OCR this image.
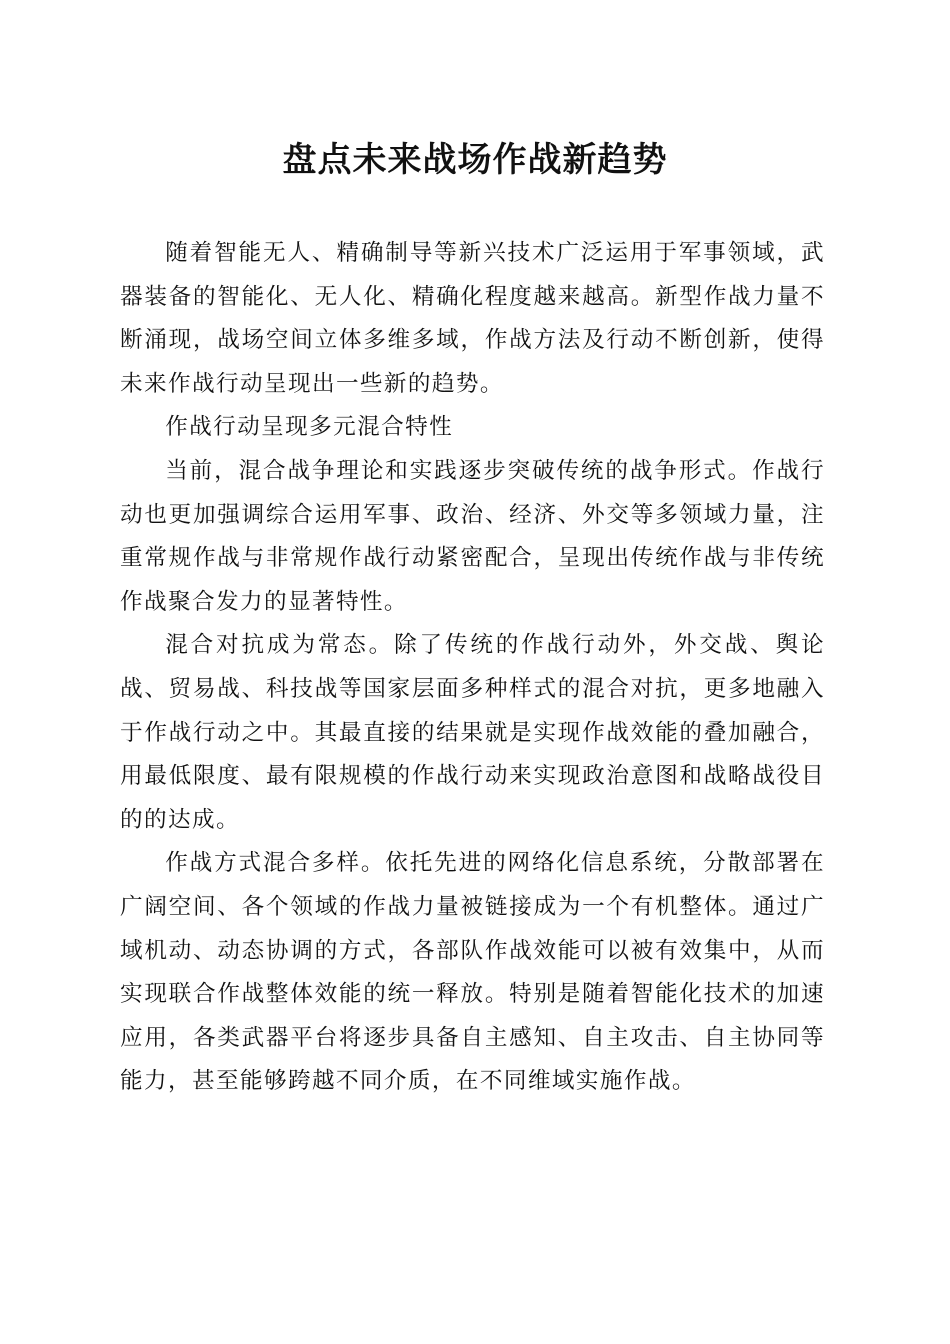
盘点未来战场作战新趋势

随着智能无人、精确制导等新兴技术广泛运用于军事领域，武器装备的智能化、无人化、精确化程度越来越高。新型作战力量不断涌现，战场空间立体多维多域，作战方法及行动不断创新，使得未来作战行动呈现出一些新的趋势。

作战行动呈现多元混合特性

当前，混合战争理论和实践逐步突破传统的战争形式。作战行动也更加强调综合运用军事、政治、经济、外交等多领域力量，注重常规作战与非常规作战行动紧密配合，呈现出传统作战与非传统作战聚合发力的显著特性。

混合对抗成为常态。除了传统的作战行动外，外交战、舆论战、贸易战、科技战等国家层面多种样式的混合对抗，更多地融入于作战行动之中。其最直接的结果就是实现作战效能的叠加融合，用最低限度、最有限规模的作战行动来实现政治意图和战略战役目的的达成。

作战方式混合多样。依托先进的网络化信息系统，分散部署在广阔空间、各个领域的作战力量被链接成为一个有机整体。通过广域机动、动态协调的方式，各部队作战效能可以被有效集中，从而实现联合作战整体效能的统一释放。特别是随着智能化技术的加速应用，各类武器平台将逐步具备自主感知、自主攻击、自主协同等能力，甚至能够跨越不同介质，在不同维域实施作战。
